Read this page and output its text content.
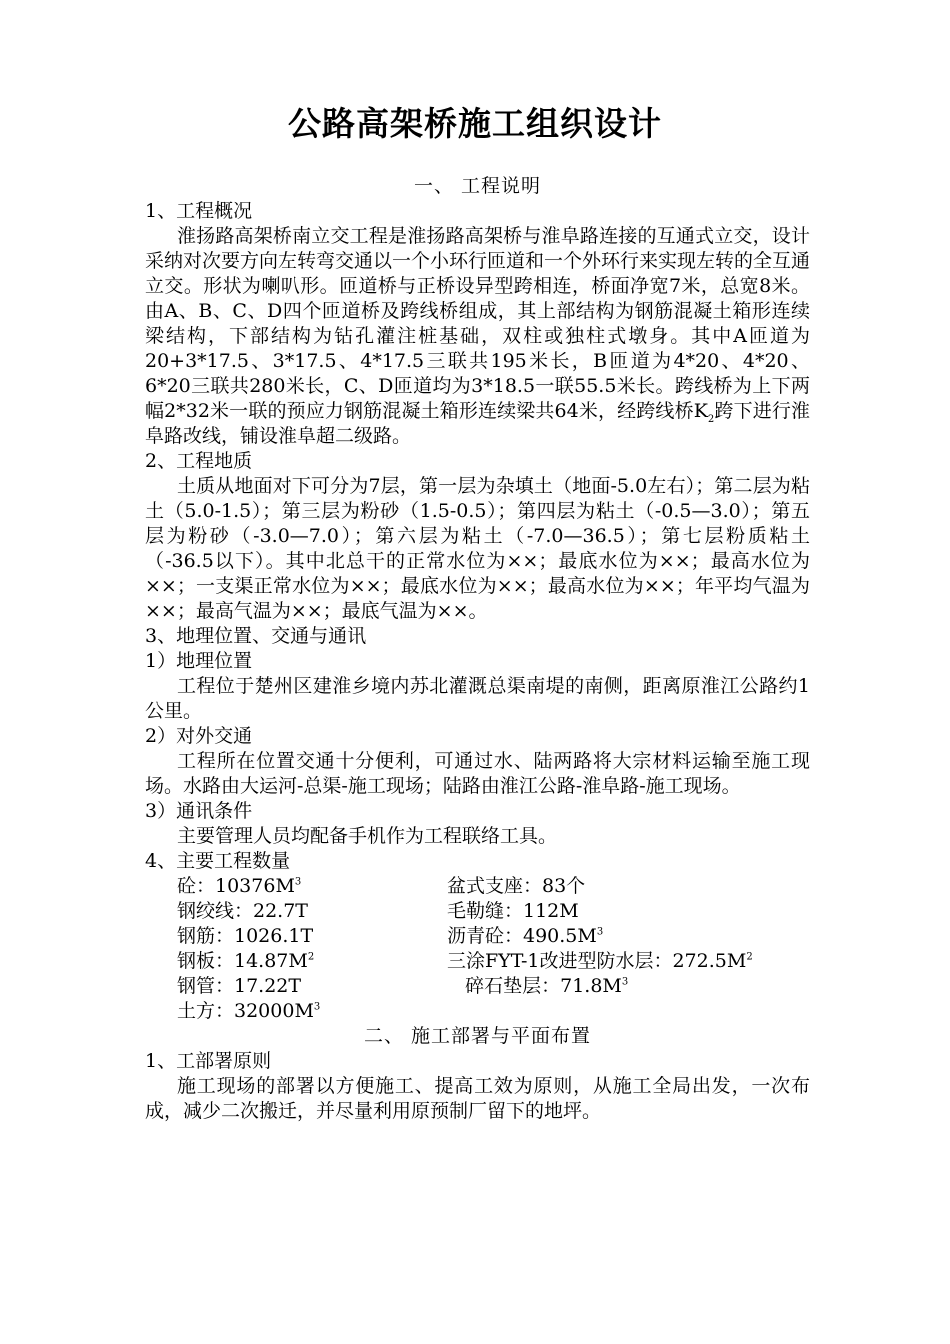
公路高架桥施工组织设计

一、 工程说明

1、工程概况

淮扬路高架桥南立交工程是淮扬路高架桥与淮阜路连接的互通式立交，设计采纳对次要方向左转弯交通以一个小环行匝道和一个外环行来实现左转的全互通立交。形状为喇叭形。匝道桥与正桥设异型跨相连，桥面净宽7米，总宽8米。由A、B、C、D四个匝道桥及跨线桥组成，其上部结构为钢筋混凝土箱形连续梁结构，下部结构为钻孔灌注桩基础，双柱或独柱式墩身。其中A匝道为20+3*17.5、3*17.5、4*17.5三联共195米长，B匝道为4*20、4*20、6*20三联共280米长，C、D匝道均为3*18.5一联55.5米长。跨线桥为上下两幅2*32米一联的预应力钢筋混凝土箱形连续梁共64米，经跨线桥$K_2$跨下进行淮阜路改线，铺设淮阜超二级路。

2、工程地质

土质从地面对下可分为7层，第一层为杂填土（地面-5.0左右）；第二层为粘土（5.0-1.5）；第三层为粉砂（1.5-0.5）；第四层为粘土（-0.5—3.0）；第五层为粉砂（-3.0—7.0）；第六层为粘土（-7.0—36.5）；第七层粉质粘土（-36.5以下）。其中北总干的正常水位为××；最底水位为××；最高水位为××；一支渠正常水位为××；最底水位为××；最高水位为××；年平均气温为 ××；最高气温为××；最底气温为××。

3、地理位置、交通与通讯

1）地理位置

工程位于楚州区建淮乡境内苏北灌溉总渠南堤的南侧，距离原淮江公路约1公里。

2）对外交通

工程所在位置交通十分便利，可通过水、陆两路将大宗材料运输至施工现场。水路由大运河-总渠-施工现场；陆路由淮江公路-淮阜路-施工现场。

3）通讯条件

主要管理人员均配备手机作为工程联络工具。

4、主要工程数量

砼：$10376M^3$	盆式支座：83个
钢绞线：22.7T	毛勒缝：112M
钢筋：1026.1T	沥青砼：$490.5M^3$
钢板：$14.87M^2$	三涂FYT-1改进型防水层：$272.5M^2$
钢管：17.22T	碎石垫层：$71.8M^3$
土方：$32000M^3$

二、 施工部署与平面布置

1、工部署原则

施工现场的部署以方便施工、提高工效为原则，从施工全局出发，一次布成，减少二次搬迁，并尽量利用原预制厂留下的地坪。
